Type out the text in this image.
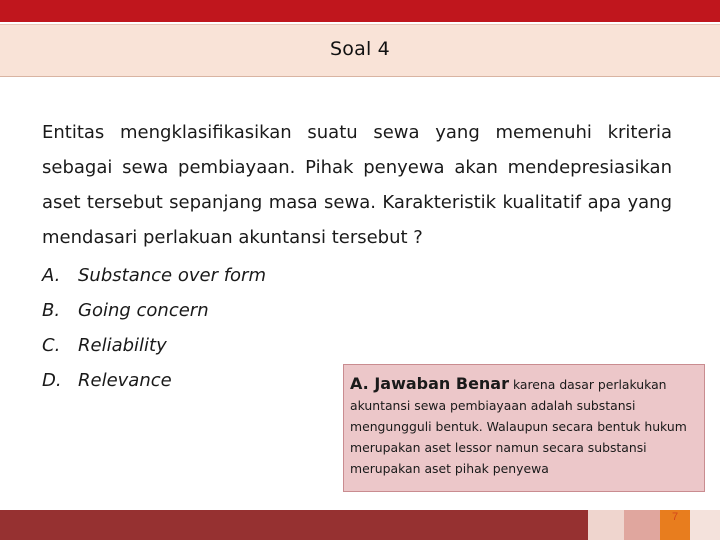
Soal 4
Entitas mengklasifikasikan suatu sewa yang memenuhi kriteria sebagai sewa pembiayaan. Pihak penyewa akan mendepresiasikan aset tersebut sepanjang masa sewa. Karakteristik kualitatif apa yang mendasari perlakuan akuntansi tersebut ?
A. Substance over form
B. Going concern
C. Reliability
D. Relevance	A. Jawaban Benar karena dasar perlakukan akuntansi sewa pembiayaan adalah substansi mengungguli bentuk. Walaupun secara bentuk hukum merupakan aset lessor namun secara substansi merupakan aset pihak penyewa
7
